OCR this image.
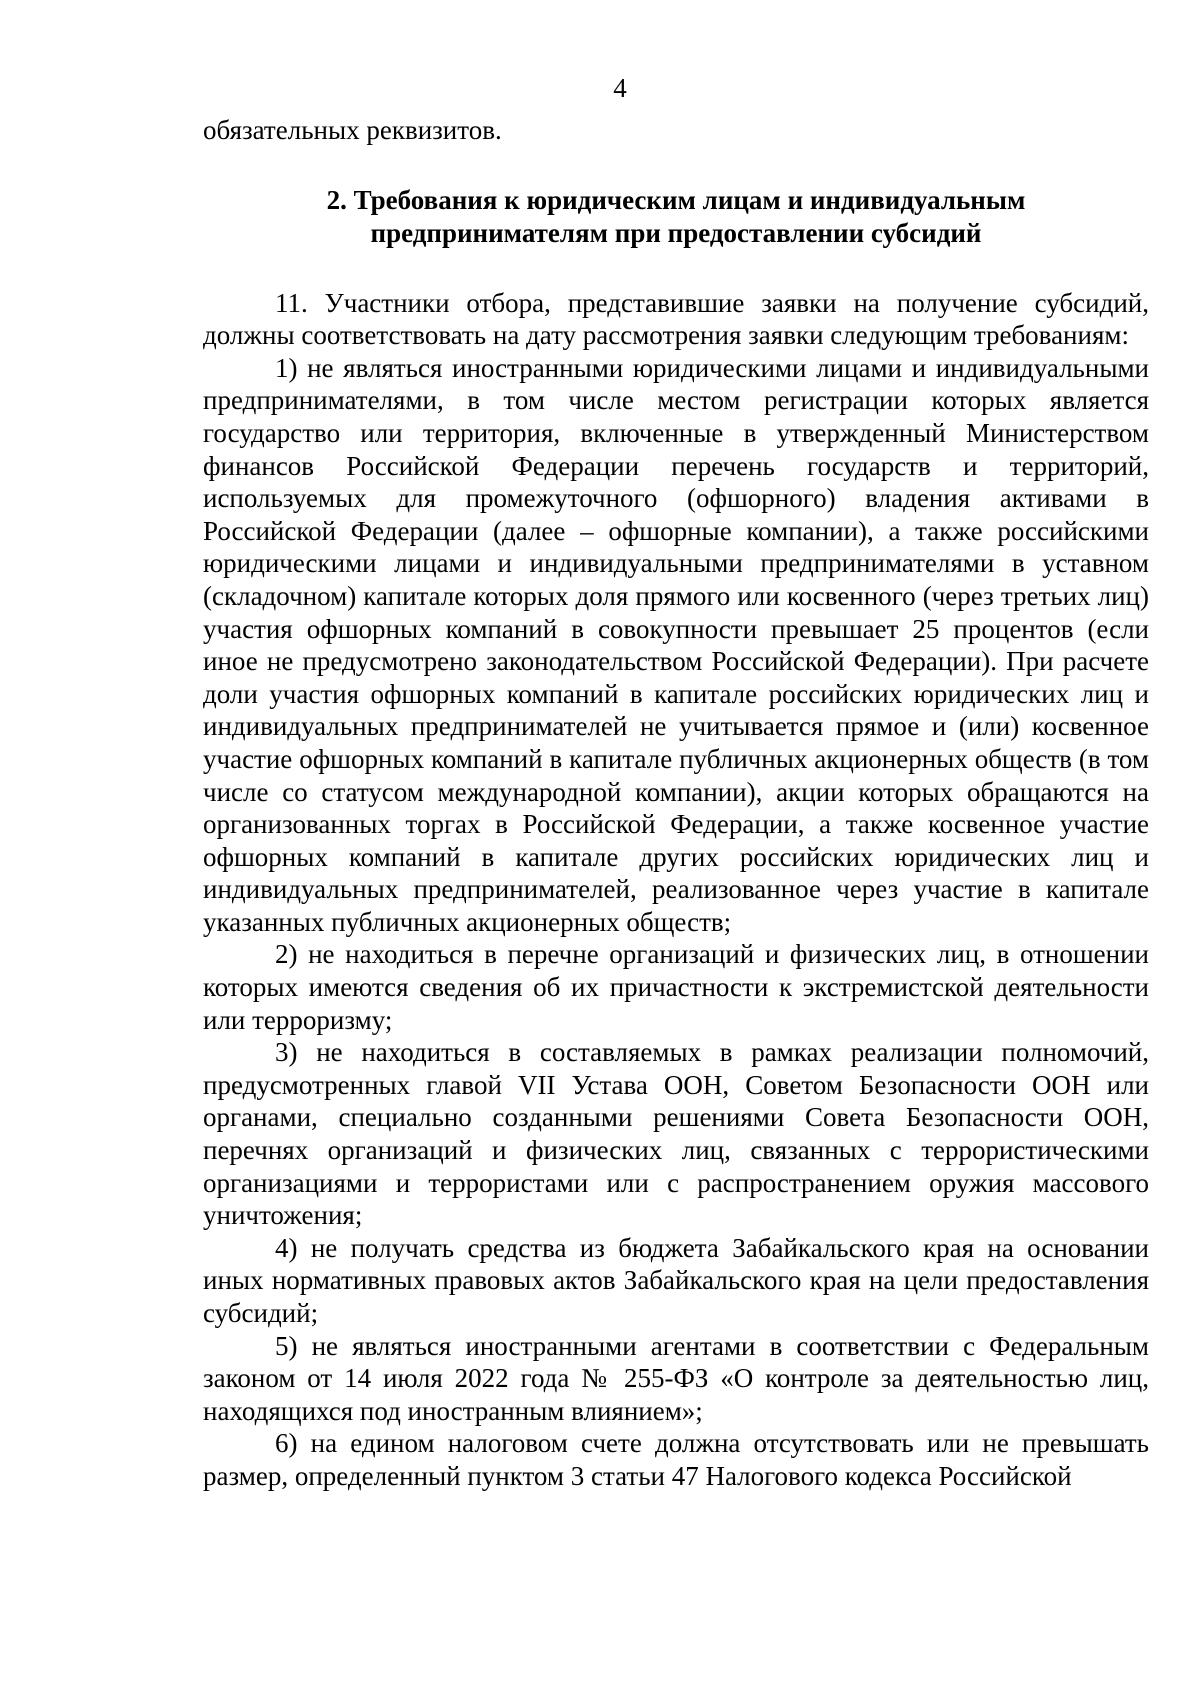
4

обязательных реквизитов.

2. Требования к юридическим лицам и индивидуальным
предпринимателям при предоставлении субсидий

11. Участники отбора, представившие заявки на получение субсидий, должны соответствовать на дату рассмотрения заявки следующим требованиям:

1) не являться иностранными юридическими лицами и индивидуальными предпринимателями, в том числе местом регистрации которых является государство или территория, включенные в утвержденный Министерством финансов Российской Федерации перечень государств и территорий, используемых для промежуточного (офшорного) владения активами в Российской Федерации (далее – офшорные компании), а также российскими юридическими лицами и индивидуальными предпринимателями в уставном (складочном) капитале которых доля прямого или косвенного (через третьих лиц) участия офшорных компаний в совокупности превышает 25 процентов (если иное не предусмотрено законодательством Российской Федерации). При расчете доли участия офшорных компаний в капитале российских юридических лиц и индивидуальных предпринимателей не учитывается прямое и (или) косвенное участие офшорных компаний в капитале публичных акционерных обществ (в том числе со статусом международной компании), акции которых обращаются на организованных торгах в Российской Федерации, а также косвенное участие офшорных компаний в капитале других российских юридических лиц и индивидуальных предпринимателей, реализованное через участие в капитале указанных публичных акционерных обществ;

2) не находиться в перечне организаций и физических лиц, в отношении которых имеются сведения об их причастности к экстремистской деятельности или терроризму;

3) не находиться в составляемых в рамках реализации полномочий, предусмотренных главой VII Устава ООН, Советом Безопасности ООН или органами, специально созданными решениями Совета Безопасности ООН, перечнях организаций и физических лиц, связанных с террористическими организациями и террористами или с распространением оружия массового уничтожения;

4) не получать средства из бюджета Забайкальского края на основании иных нормативных правовых актов Забайкальского края на цели предоставления субсидий;

5) не являться иностранными агентами в соответствии с Федеральным законом от 14 июля 2022 года № 255-ФЗ «О контроле за деятельностью лиц, находящихся под иностранным влиянием»;

6) на едином налоговом счете должна отсутствовать или не превышать размер, определенный пунктом 3 статьи 47 Налогового кодекса Российской
